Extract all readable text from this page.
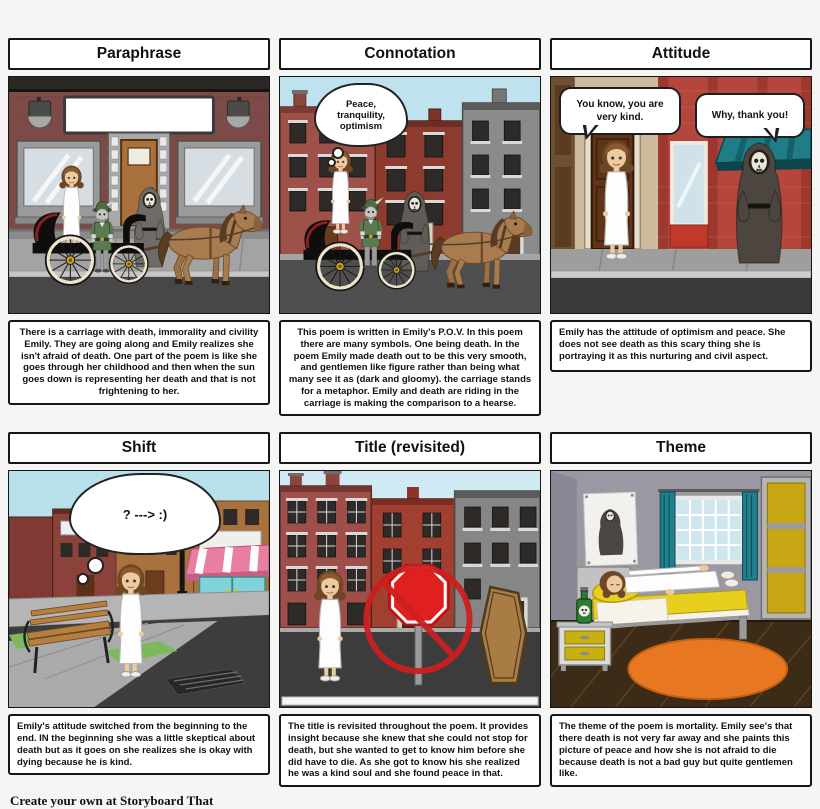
Paraphrase
There is a carriage with death, immorality and civility Emily. They are going along and Emily realizes she isn't afraid of death. One part of the poem is like she goes through her childhood and then when the sun goes down is representing her death and that is not frightening to her.
Connotation
Peace, tranquility, optimism
This poem is written in Emily's P.O.V. In this poem there are many symbols. One being death. In the poem Emily made death out to be this very smooth, and gentlemen like figure rather than being what many see it as (dark and gloomy). the carriage stands for a metaphor. Emily and death are riding in the carriage is making the comparison to a hearse.
Attitude
You know, you are very kind.	Why, thank you!
Emily has the attitude of optimism and peace. She does not see death as this scary thing she is portraying it as this nurturing and civil aspect.
Shift
? ---> :)
Emily's attitude switched from the beginning to the end. IN the beginning she was a little skeptical about death but as it goes on she realizes she is okay with dying because he is kind.
Title (revisited)
The title is revisited throughout the poem. It provides insight because she knew that she could not stop for death, but she wanted to get to know him before she did have to die. As she got to know his she realized he was a kind soul and she found peace in that.
Theme
The theme of the poem is mortality. Emily see's that there death is not very far away and she paints this picture of peace and how she is not afraid to die because death is not a bad guy but quite gentlemen like.
Create your own at Storyboard That
